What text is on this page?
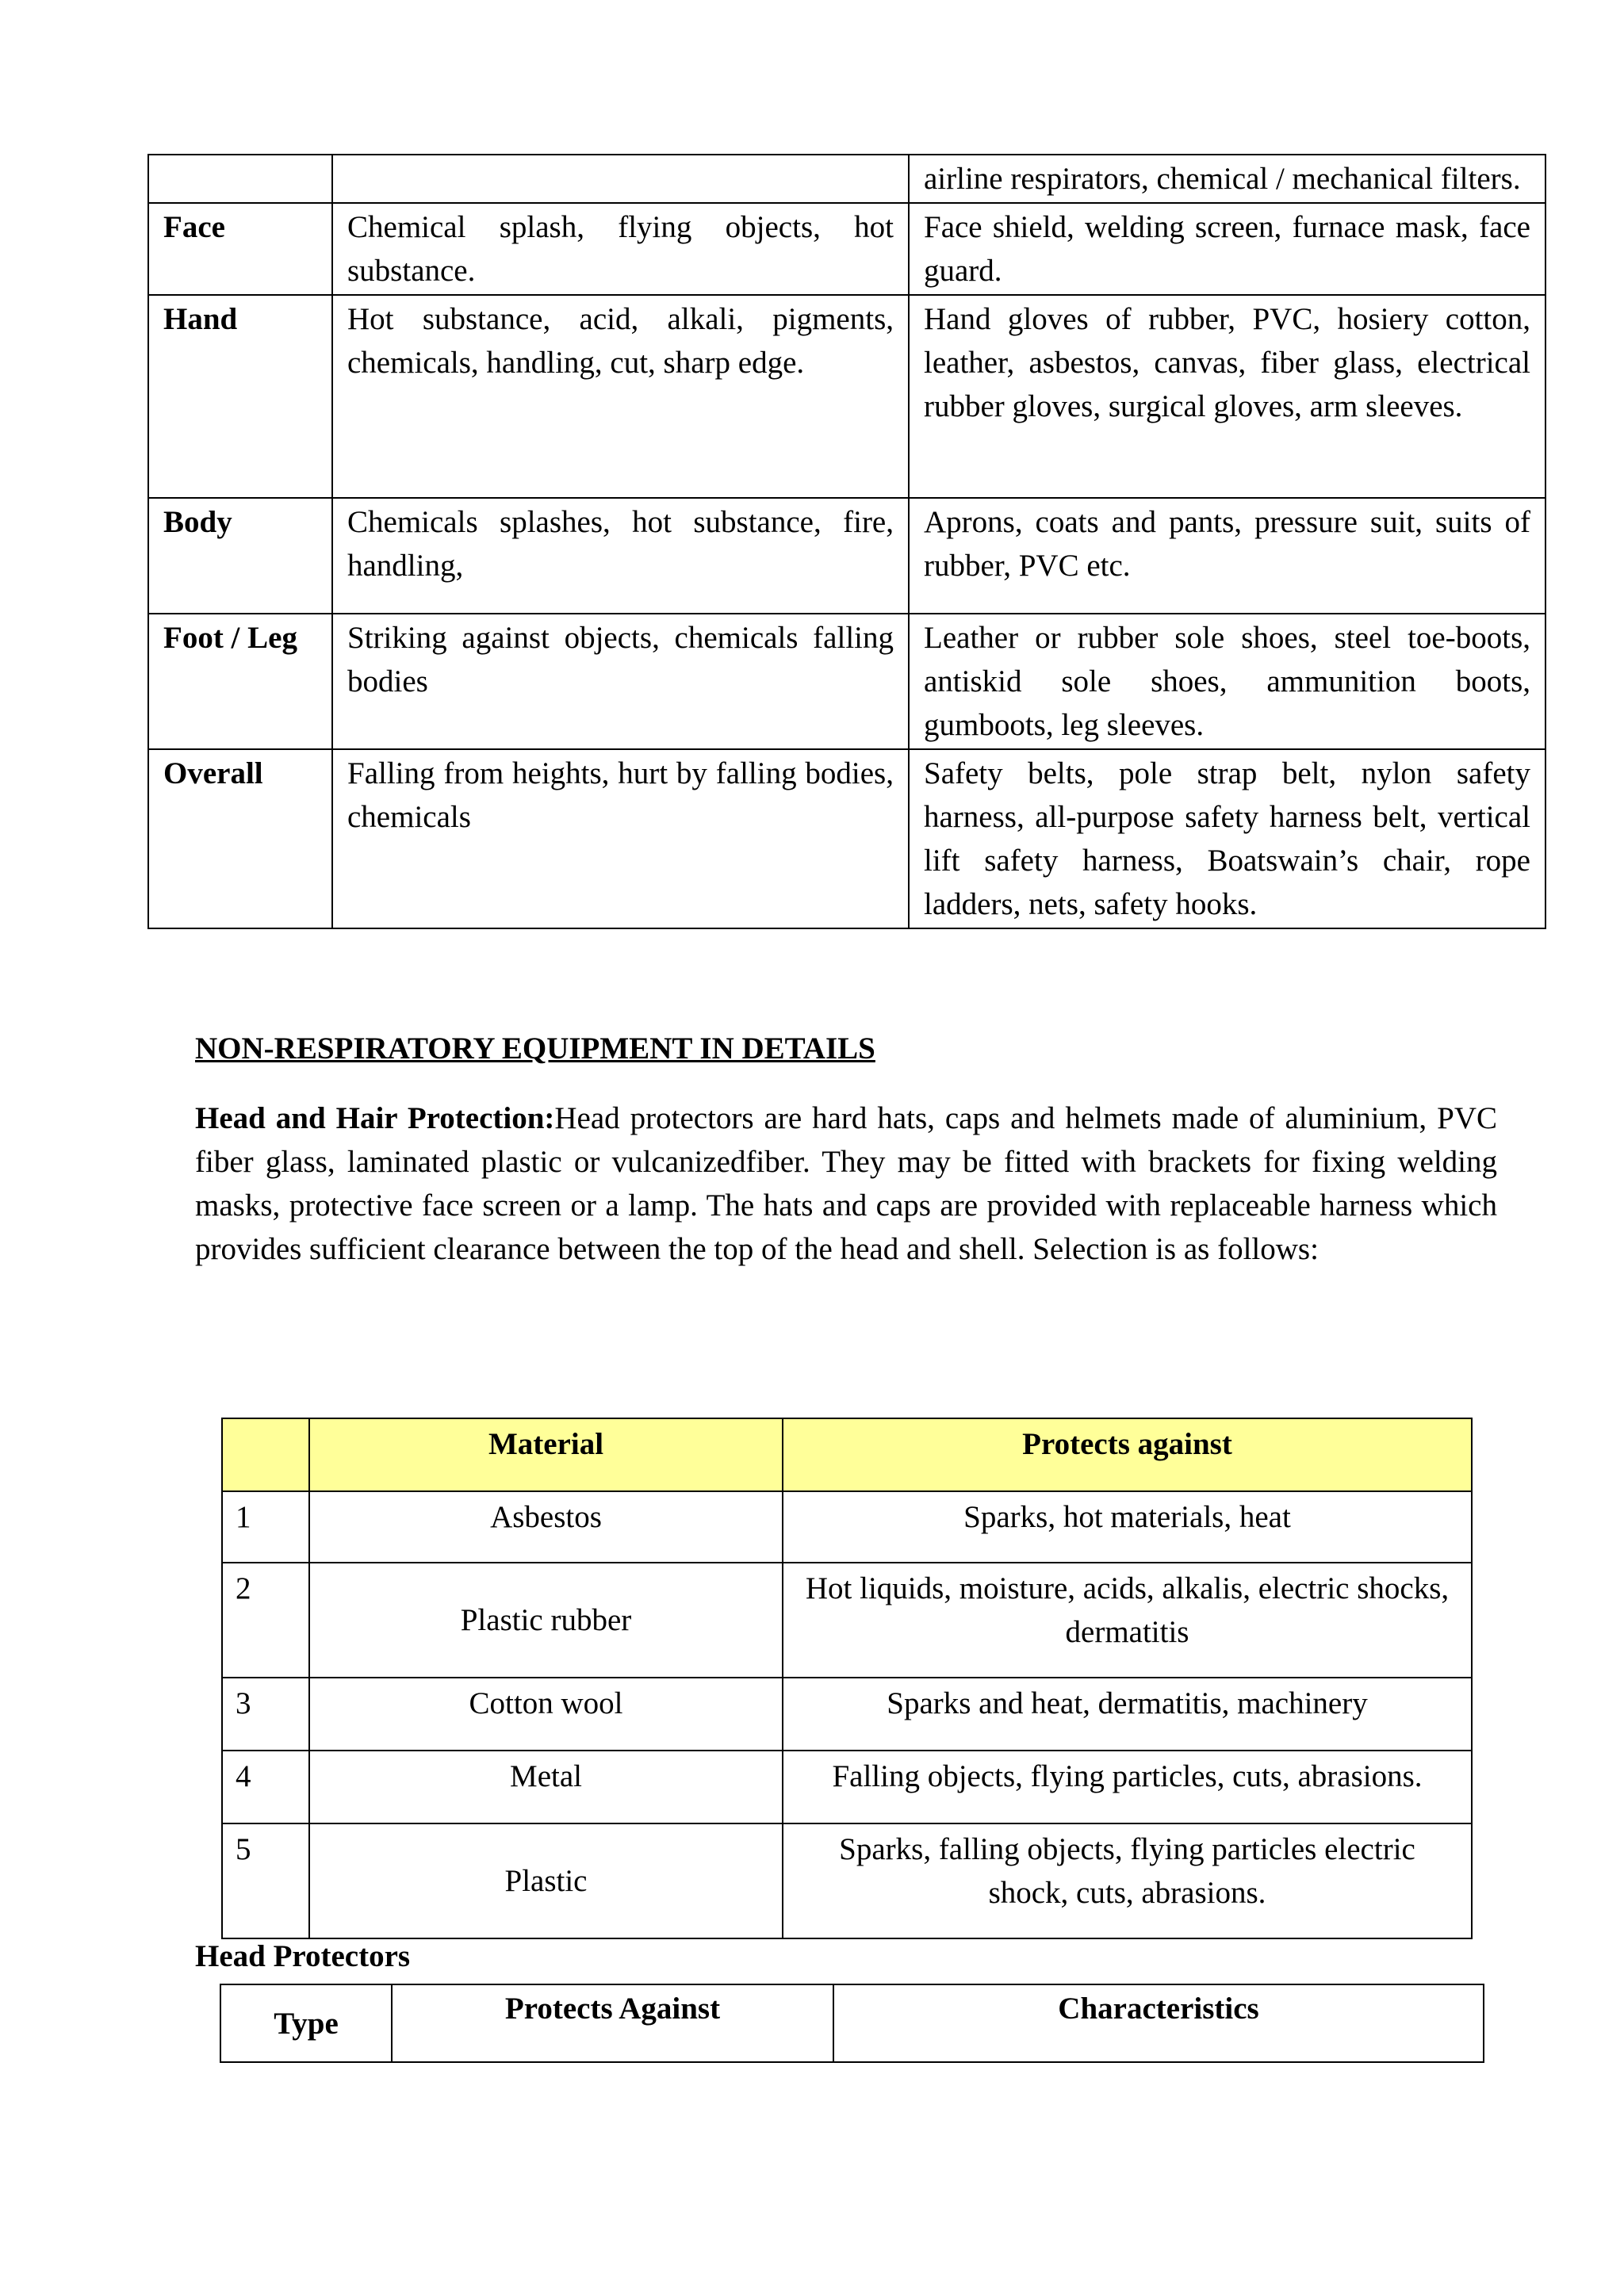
		airline respirators, chemical / mechanical filters.
Face	Chemical splash, flying objects, hot substance.	Face shield, welding screen, furnace mask, face guard.
Hand	Hot substance, acid, alkali, pigments, chemicals, handling, cut, sharp edge.	Hand gloves of rubber, PVC, hosiery cotton, leather, asbestos, canvas, fiber glass, electrical rubber gloves, surgical gloves, arm sleeves.
Body	Chemicals splashes, hot substance, fire, handling,	Aprons, coats and pants, pressure suit, suits of rubber, PVC etc.
Foot / Leg	Striking against objects, chemicals falling bodies	Leather or rubber sole shoes, steel toe-boots, antiskid sole shoes, ammunition boots, gumboots, leg sleeves.
Overall	Falling from heights, hurt by falling bodies, chemicals	Safety belts, pole strap belt, nylon safety harness, all-purpose safety harness belt, vertical lift safety harness, Boatswain’s chair, rope ladders, nets, safety hooks.
NON-RESPIRATORY EQUIPMENT IN DETAILS

Head and Hair Protection:Head protectors are hard hats, caps and helmets made of aluminium, PVC fiber glass, laminated plastic or vulcanizedfiber. They may be fitted with brackets for fixing welding masks, protective face screen or a lamp. The hats and caps are provided with replaceable harness which provides sufficient clearance between the top of the head and shell. Selection is as follows:

	Material	Protects against
1	Asbestos	Sparks, hot materials, heat
2	Plastic rubber	Hot liquids, moisture, acids, alkalis, electric shocks, dermatitis
3	Cotton wool	Sparks and heat, dermatitis, machinery
4	Metal	Falling objects, flying particles, cuts, abrasions.
5	Plastic	Sparks, falling objects, flying particles electric shock, cuts, abrasions.
Head Protectors
Type	Protects Against	Characteristics
